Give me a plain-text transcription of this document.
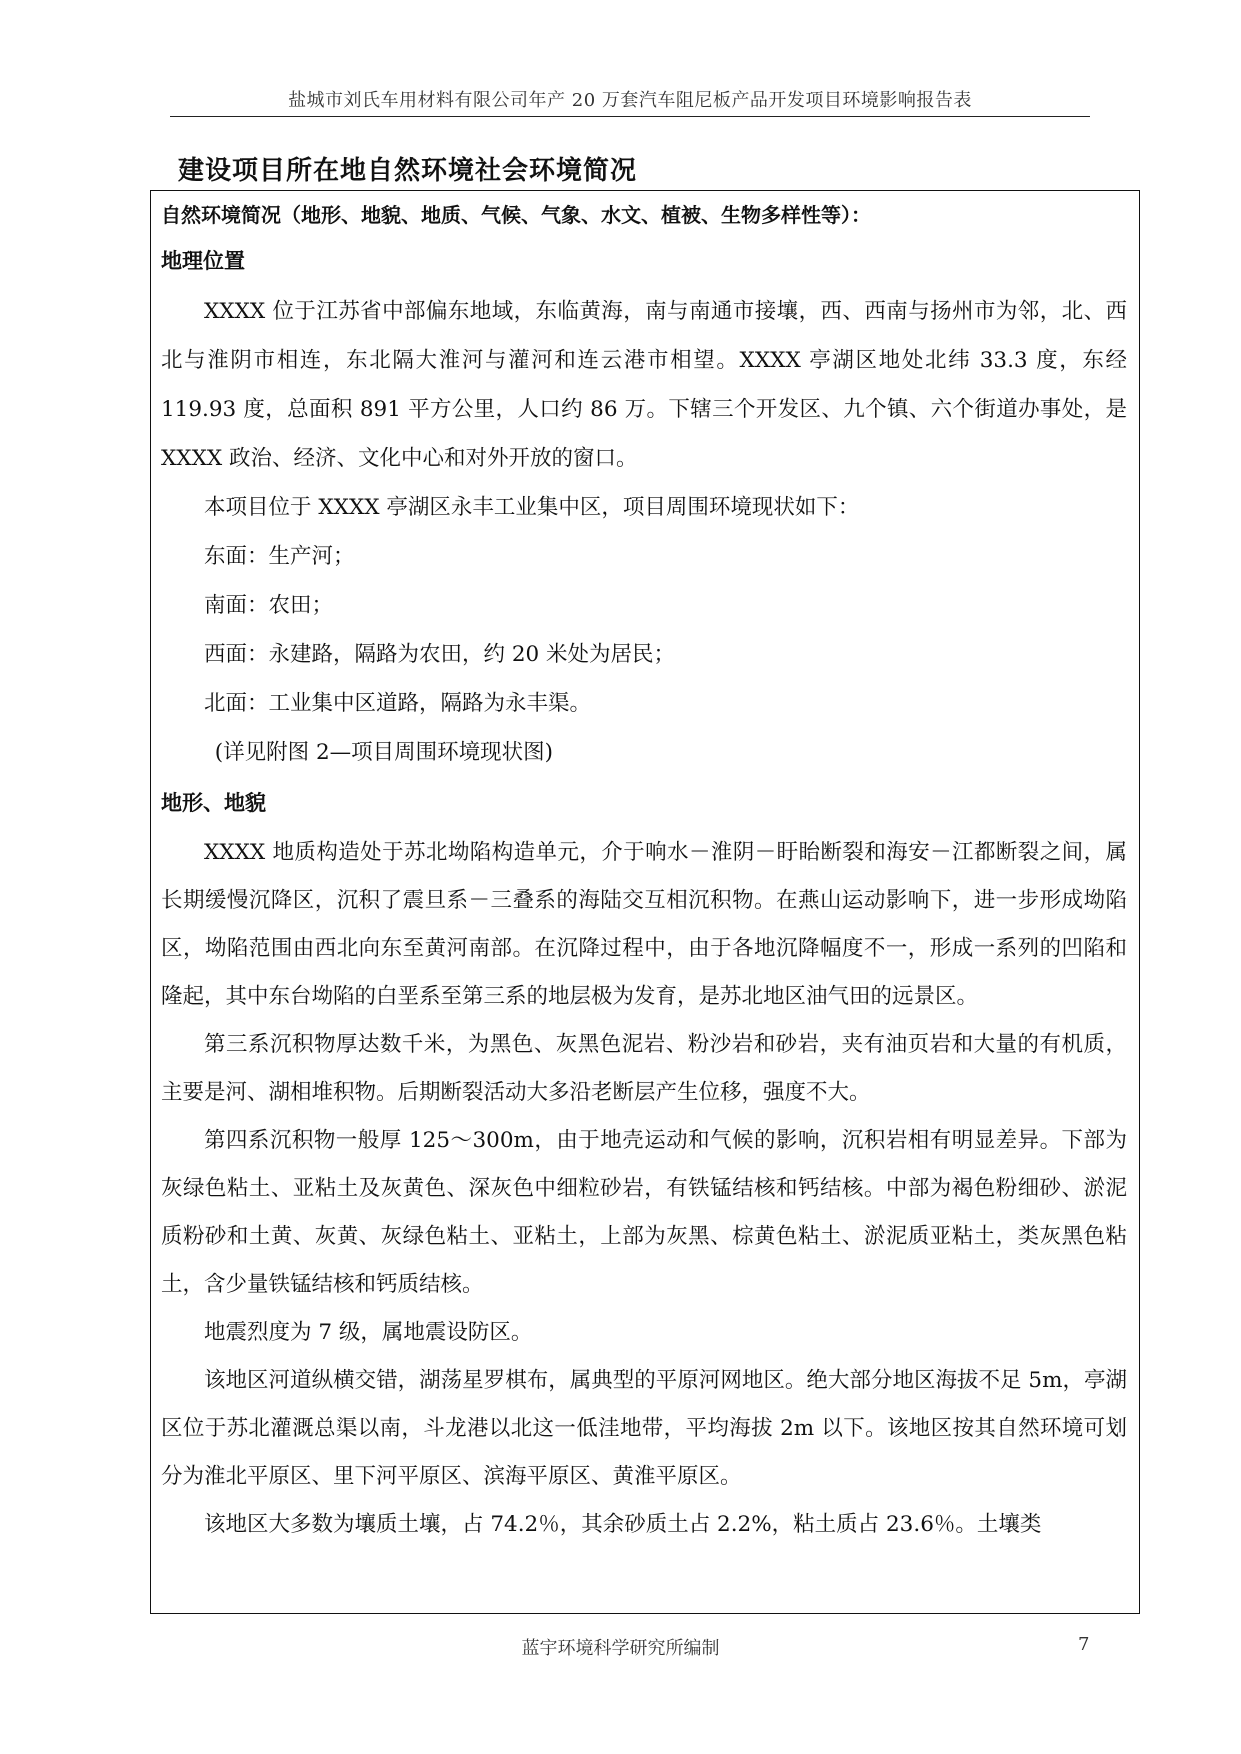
盐城市刘氏车用材料有限公司年产 20 万套汽车阻尼板产品开发项目环境影响报告表
建设项目所在地自然环境社会环境简况
自然环境简况（地形、地貌、地质、气候、气象、水文、植被、生物多样性等）：
地理位置

XXXX 位于江苏省中部偏东地域，东临黄海，南与南通市接壤，西、西南与扬州市为邻，北、西北与淮阴市相连，东北隔大淮河与灌河和连云港市相望。XXXX 亭湖区地处北纬 33.3 度，东经 119.93 度，总面积 891 平方公里，人口约 86 万。下辖三个开发区、九个镇、六个街道办事处，是 XXXX 政治、经济、文化中心和对外开放的窗口。

本项目位于 XXXX 亭湖区永丰工业集中区，项目周围环境现状如下：

东面：生产河；

南面：农田；

西面：永建路，隔路为农田，约 20 米处为居民；

北面：工业集中区道路，隔路为永丰渠。

(详见附图 2—项目周围环境现状图)

地形、地貌

XXXX 地质构造处于苏北坳陷构造单元，介于响水－淮阴－盱眙断裂和海安－江都断裂之间，属长期缓慢沉降区，沉积了震旦系－三叠系的海陆交互相沉积物。在燕山运动影响下，进一步形成坳陷区，坳陷范围由西北向东至黄河南部。在沉降过程中，由于各地沉降幅度不一，形成一系列的凹陷和隆起，其中东台坳陷的白垩系至第三系的地层极为发育，是苏北地区油气田的远景区。

第三系沉积物厚达数千米，为黑色、灰黑色泥岩、粉沙岩和砂岩，夹有油页岩和大量的有机质，主要是河、湖相堆积物。后期断裂活动大多沿老断层产生位移，强度不大。

第四系沉积物一般厚 125～300m，由于地壳运动和气候的影响，沉积岩相有明显差异。下部为灰绿色粘土、亚粘土及灰黄色、深灰色中细粒砂岩，有铁锰结核和钙结核。中部为褐色粉细砂、淤泥质粉砂和土黄、灰黄、灰绿色粘土、亚粘土，上部为灰黑、棕黄色粘土、淤泥质亚粘土，类灰黑色粘土，含少量铁锰结核和钙质结核。

地震烈度为 7 级，属地震设防区。

该地区河道纵横交错，湖荡星罗棋布，属典型的平原河网地区。绝大部分地区海拔不足 5m，亭湖区位于苏北灌溉总渠以南，斗龙港以北这一低洼地带，平均海拔 2m 以下。该地区按其自然环境可划分为淮北平原区、里下河平原区、滨海平原区、黄淮平原区。

该地区大多数为壤质土壤，占 74.2％，其余砂质土占 2.2%，粘土质占 23.6％。土壤类

蓝宇环境科学研究所编制	7
